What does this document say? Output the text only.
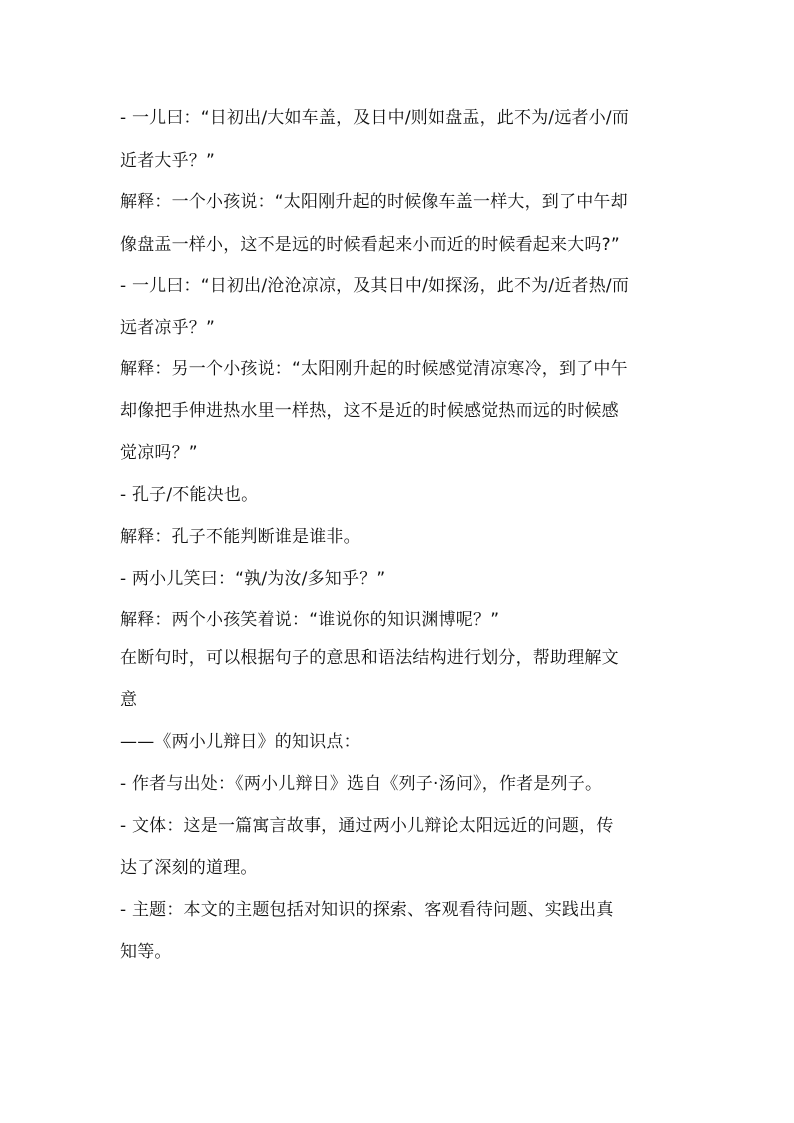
- 一儿曰：“日初出/大如车盖，及日中/则如盘盂，此不为/远者小/而
近者大乎？”
解释：一个小孩说：“太阳刚升起的时候像车盖一样大，到了中午却
像盘盂一样小，这不是远的时候看起来小而近的时候看起来大吗?”
- 一儿曰：“日初出/沧沧凉凉，及其日中/如探汤，此不为/近者热/而
远者凉乎？”
解释：另一个小孩说：“太阳刚升起的时候感觉清凉寒冷，到了中午
却像把手伸进热水里一样热，这不是近的时候感觉热而远的时候感
觉凉吗？”
- 孔子/不能决也。
解释：孔子不能判断谁是谁非。
- 两小儿笑曰：“孰/为汝/多知乎？”
解释：两个小孩笑着说：“谁说你的知识渊博呢？”
在断句时，可以根据句子的意思和语法结构进行划分，帮助理解文
意
——《两小儿辩日》的知识点：
- 作者与出处：《两小儿辩日》选自《列子·汤问》，作者是列子。
- 文体：这是一篇寓言故事，通过两小儿辩论太阳远近的问题，传
达了深刻的道理。
- 主题：本文的主题包括对知识的探索、客观看待问题、实践出真
知等。
